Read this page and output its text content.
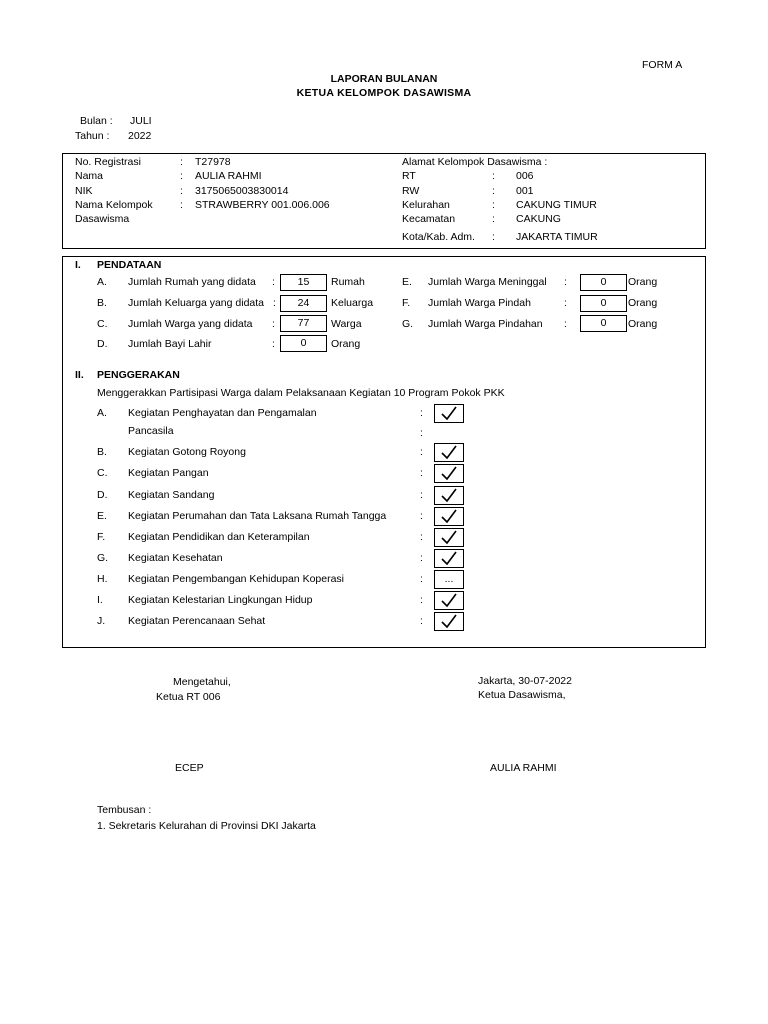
FORM A
LAPORAN BULANAN
KETUA KELOMPOK DASAWISMA
Bulan : JULI
Tahun : 2022
No. Registrasi	: T27978
Nama	: AULIA RAHMI
NIK	: 3175065003830014
Nama Kelompok
Dasawisma
: STRAWBERRY 001.006.006
Alamat Kelompok Dasawisma :
RT	: 006
RW	: 001
Kelurahan	: CAKUNG TIMUR
Kecamatan	: CAKUNG
Kota/Kab. Adm. : JAKARTA TIMUR
I. PENDATAAN
A. Jumlah Rumah yang didata :	15	Rumah
B. Jumlah Keluarga yang didata :	24	Keluarga
C. Jumlah Warga yang didata :	77	Warga
D. Jumlah Bayi Lahir	:	0	Orang
E. Jumlah Warga Meninggal :	0	Orang
F. Jumlah Warga Pindah	:	0	Orang
G. Jumlah Warga Pindahan :	0	Orang
II. PENGGERAKAN
Menggerakkan Partisipasi Warga dalam Pelaksanaan Kegiatan 10 Program Pokok PKK
A. Kegiatan Penghayatan dan Pengamalan	:
Pancasila	:
B. Kegiatan Gotong Royong	:
C. Kegiatan Pangan	:
D. Kegiatan Sandang	:
E. Kegiatan Perumahan dan Tata Laksana Rumah Tangga	:
F. Kegiatan Pendidikan dan Keterampilan	:
G. Kegiatan Kesehatan	:
H. Kegiatan Pengembangan Kehidupan Koperasi	:	...
I. Kegiatan Kelestarian Lingkungan Hidup	:
J. Kegiatan Perencanaan Sehat	:
Mengetahui,
Ketua RT 006
ECEP
Jakarta, 30-07-2022
Ketua Dasawisma,
AULIA RAHMI
Tembusan :
1. Sekretaris Kelurahan di Provinsi DKI Jakarta
